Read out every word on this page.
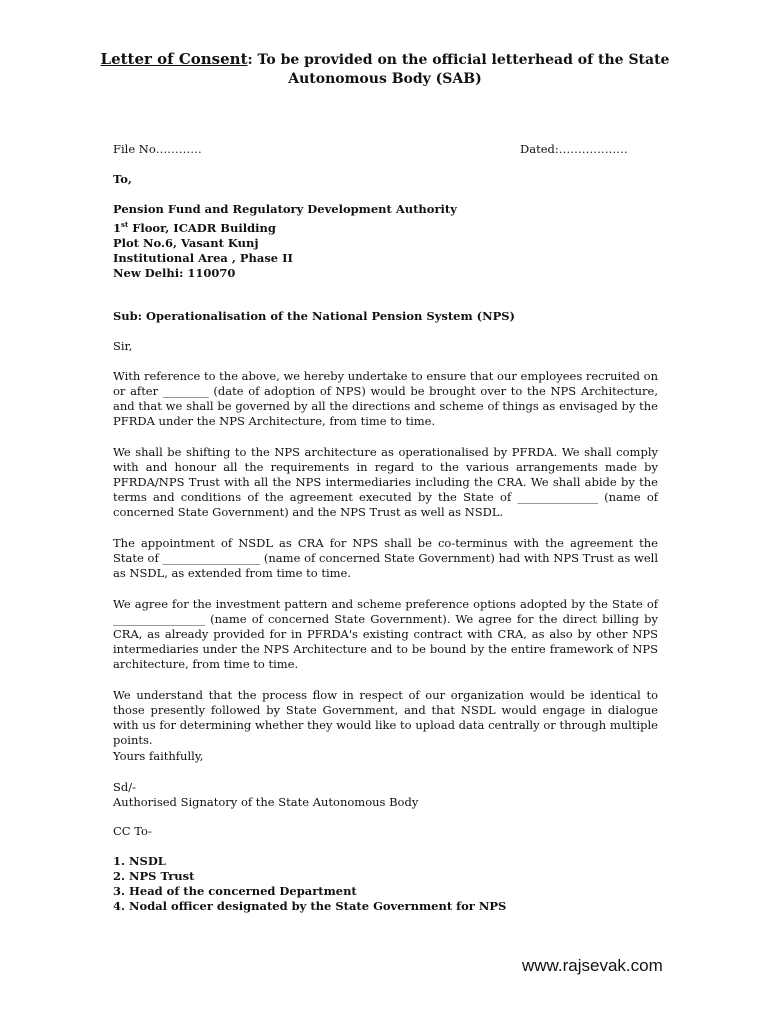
Letter of Consent: To be provided on the official letterhead of the State
Autonomous Body (SAB)
File No…………	Dated:………………
To,
Pension Fund and Regulatory Development Authority
1st Floor, ICADR Building
Plot No.6, Vasant Kunj
Institutional Area , Phase II
New Delhi: 110070
Sub: Operationalisation of the National Pension System (NPS)
Sir,
With reference to the above, we hereby undertake to ensure that our employees recruited on or after ________ (date of adoption of NPS) would be brought over to the NPS Architecture, and that we shall be governed by all the directions and scheme of things as envisaged by the PFRDA under the NPS Architecture, from time to time.
We shall be shifting to the NPS architecture as operationalised by PFRDA. We shall comply with and honour all the requirements in regard to the various arrangements made by PFRDA/NPS Trust with all the NPS intermediaries including the CRA. We shall abide by the terms and conditions of the agreement executed by the State of ______________ (name of concerned State Government) and the NPS Trust as well as NSDL.
The appointment of NSDL as CRA for NPS shall be co-terminus with the agreement the State of _________________ (name of concerned State Government) had with NPS Trust as well as NSDL, as extended from time to time.
We agree for the investment pattern and scheme preference options adopted by the State of ________________ (name of concerned State Government). We agree for the direct billing by CRA, as already provided for in PFRDA's existing contract with CRA, as also by other NPS intermediaries under the NPS Architecture and to be bound by the entire framework of NPS architecture, from time to time.
We understand that the process flow in respect of our organization would be identical to those presently followed by State Government, and that NSDL would engage in dialogue with us for determining whether they would like to upload data centrally or through multiple points.
Yours faithfully,
Sd/-
Authorised Signatory of the State Autonomous Body
CC To-
1. NSDL
2. NPS Trust
3. Head of the concerned Department
4. Nodal officer designated by the State Government for NPS
www.rajsevak.com
